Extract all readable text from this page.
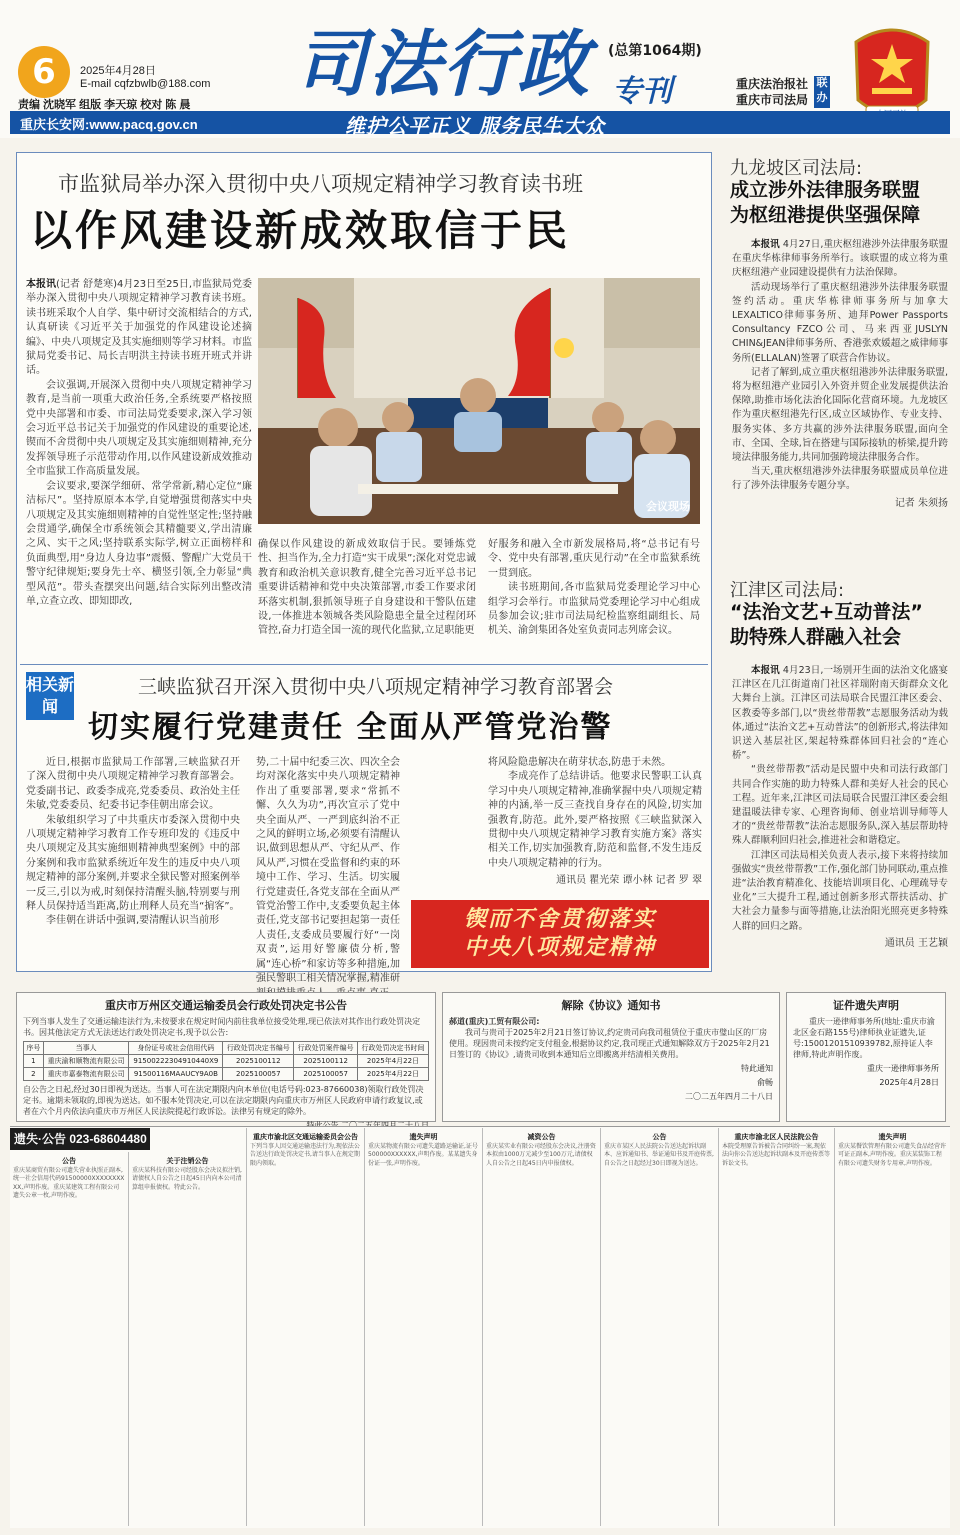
6	2025年4月28日
E-mail cqfzbwlb@188.com
责编 沈晓军 组版 李天琼 校对 陈 晨 司法行政 (总第1064期)
专刊	重庆法治报社
重庆市司法局
联办
重庆长安网:www.pacq.gov.cn	维护公平正义 服务民生大众
市监狱局举办深入贯彻中央八项规定精神学习教育读书班
以作风建设新成效取信于民

本报讯(记者 舒楚寒)4月23日至25日,市监狱局党委举办深入贯彻中央八项规定精神学习教育读书班。读书班采取个人自学、集中研讨交流相结合的方式,认真研读《习近平关于加强党的作风建设论述摘编》、中央八项规定及其实施细则等学习材料。市监狱局党委书记、局长吉明洪主持读书班开班式并讲话。

会议强调,开展深入贯彻中央八项规定精神学习教育,是当前一项重大政治任务,全系统要严格按照党中央部署和市委、市司法局党委要求,深入学习领会习近平总书记关于加强党的作风建设的重要论述,锲而不舍贯彻中央八项规定及其实施细则精神,充分发挥领导班子示范带动作用,以作风建设新成效推动全市监狱工作高质量发展。

会议要求,要深学细研、常学常新,精心定位“廉洁标尺”。坚持原原本本学,自觉增强贯彻落实中央八项规定及其实施细则精神的自觉性坚定性;坚持融会贯通学,确保全市系统领会其精髓要义,学出清廉之风、实干之风;坚持联系实际学,树立正面榜样和负面典型,用“身边人身边事”震慑、警醒广大党员干警守纪律规矩;要身先士卒、横竖引领,全力彰显“典型风范”。带头查摆突出问题,结合实际列出整改清单,立查立改、即知即改,

会议现场

确保以作风建设的新成效取信于民。要锤炼党性、担当作为,全力打造“实干成果”;深化对党忠诚教育和政治机关意识教育,健全完善习近平总书记重要讲话精神和党中央决策部署,市委工作要求闭环落实机制,狠抓领导班子自身建设和干警队伍建设,一体推进本领城各类风险隐患全量全过程闭环管控,奋力打造全国一流的现代化监狱,立足职能更

好服务和融入全市新发展格局,将“总书记有号令、党中央有部署,重庆见行动”在全市监狱系统一贯到底。

读书班期间,各市监狱局党委理论学习中心组学习会举行。市监狱局党委理论学习中心组成员参加会议;驻市司法局纪检监察组副组长、局机关、渝剑集团各处室负责同志列席会议。

相关新闻
三峡监狱召开深入贯彻中央八项规定精神学习教育部署会
切实履行党建责任 全面从严管党治警

近日,根据市监狱局工作部署,三峡监狱召开了深入贯彻中央八项规定精神学习教育部署会。党委副书记、政委李成亮,党委委员、政治处主任朱敏,党委委员、纪委书记李佳朝出席会议。

朱敏组织学习了中共重庆市委深入贯彻中央八项规定精神学习教育工作专班印发的《违反中央八项规定及其实施细则精神典型案例》中的部分案例和我市监狱系统近年发生的违反中央八项规定精神的部分案例,并要求全狱民警对照案例举一反三,引以为戒,时刻保持清醒头脑,特别要与刑释人员保持适当距离,防止刑释人员充当“掮客”。

李佳朝在讲话中强调,要清醒认识当前形

势,二十届中纪委三次、四次全会均对深化落实中央八项规定精神作出了重要部署,要求“常抓不懈、久久为功”,再次宣示了党中央全面从严、一严到底纠治不正之风的鲜明立场,必须要有清醒认识,做到思想从严、守纪从严、作风从严,习惯在受监督和约束的环境中工作、学习、生活。切实履行党建责任,各党支部在全面从严管党治警工作中,支委要负起主体责任,党支部书记要担起第一责任人责任,支委成员要履行好“一岗双责”,运用好警廉债分析,警属“连心桥”和家访等多种措施,加强民警职工相关情况掌握,精准研

将风险隐患解决在萌芽状态,防患于未然。

李成亮作了总结讲话。他要求民警职工认真学习中央八项规定精神,准确掌握中央八项规定精神的内涵,举一反三查找自身存在的风险,切实加强教育,防范。此外,要严格按照《三峡监狱深入贯彻中央八项规定精神学习教育实施方案》落实相关工作,切实加强教育,防范和监督,不发生违反中央八项规定精神的行为。

通讯员 瞿光荣 谭小林 记者 罗 翠

锲而不舍贯彻落实
中央八项规定精神
九龙坡区司法局:
成立涉外法律服务联盟
为枢纽港提供坚强保障

本报讯 4月27日,重庆枢纽港涉外法律服务联盟在重庆华栋律师事务所举行。该联盟的成立将为重庆枢纽港产业园建设提供有力法治保障。

活动现场举行了重庆枢纽港涉外法律服务联盟签约活动。重庆华栋律师事务所与加拿大LEXALTICO律师事务所、迪拜Power Passports Consultancy FZCO公司、马来西亚JUSLYN CHIN&JEAN律师事务所、香港张欢媛超之威律师事务所(ELLALAN)签署了联营合作协议。

记者了解到,成立重庆枢纽港涉外法律服务联盟,将为枢纽港产业园引入外资并贸企业发展提供法治保障,助推市场化法治化国际化营商环境。九龙坡区作为重庆枢纽港先行区,成立区域协作、专业支持、服务实体、多方共赢的涉外法律服务联盟,面向全市、全国、全球,旨在搭建与国际接轨的桥梁,提升跨境法律服务能力,共同加强跨境法律服务合作。

当天,重庆枢纽港涉外法律服务联盟成员单位进行了涉外法律服务专题分享。

记者 朱须扬

江津区司法局:
“法治文艺+互动普法”
助特殊人群融入社会

本报讯 4月23日,一场别开生面的法治文化盛宴江津区在几江街道南门社区祥瑞附南天街群众文化大舞台上演。江津区司法局联合民盟江津区委会、区教委等多部门,以“贵丝带帮教”志愿服务活动为载体,通过“法治文艺+互动普法”的创新形式,将法律知识送入基层社区,架起特殊群体回归社会的“连心桥”。

“贵丝带帮教”活动是民盟中央和司法行政部门共同合作实施的助力特殊人群和美好人社会的民心工程。近年来,江津区司法局联合民盟江津区委会组建温暖法律专家、心理咨询师、创业培训导师等人才的“贵丝带帮教”法治志愿服务队,深入基层帮助特殊人群顺利回归社会,推进社会和谐稳定。

江津区司法局相关负责人表示,接下来将持续加强做实“贵丝带帮教”工作,强化部门协同联动,重点推进“法治教育精准化、技能培训项目化、心理疏导专业化”三大提升工程,通过创新多形式帮扶活动、扩大社会力量参与面等措施,让法治阳光照亮更多特殊人群的回归之路。

通讯员 王艺颖

重庆市万州区交通运输委员会行政处罚决定书公告
下列当事人发生了交通运输违法行为,未按要求在规定时间内前往我单位接受处理,现已依法对其作出行政处罚决定书。因其他法定方式无法送达行政处罚决定书,现予以公告:
序号	当事人	身份证号或社会信用代码	行政处罚决定书编号	行政处罚案件编号	行政处罚决定书时间
1	重庆渝和顺物流有限公司	91500222304910440X9	2025100112	2025100112	2025年4月22日
2	重庆市嘉泰物流有限公司	91500116MAAUCY9A0B	2025100057	2025100057	2025年4月22日
自公告之日起,经过30日即视为送达。当事人可在法定期限内向本单位(电话号码:023-87660038)领取行政处罚决定书。逾期未领取的,即视为送达。如不服本处罚决定,可以在法定期限内向重庆市万州区人民政府申请行政复议,或者在六个月内依法向重庆市万州区人民法院提起行政诉讼。法律另有规定的除外。
解除《协议》通知书
郝道(重庆)工贸有限公司:
我司与贵司于2025年2月21日签订协议,约定贵司向我司租赁位于重庆市璧山区的厂房使用。现因贵司未按约定支付租金,根据协议约定,我司现正式通知解除双方于2025年2月21日签订的《协议》,请贵司收到本通知后立即搬离并结清相关费用。
特此通知
俞畅
二〇二五年四月二十八日
证件遗失声明
重庆一逊律师事务所(地址:重庆市渝北区金石路155号)律师执业证遗失,证号:15001201510939782,原持证人李律师,特此声明作废。
重庆一逊律师事务所
2025年4月28日
遗失·公告 023-68604480
公告
重庆某商贸有限公司遗失营业执照正副本,统一社会信用代码91500000XXXXXXXXXX,声明作废。重庆某建筑工程有限公司遗失公章一枚,声明作废。
关于注销公告
重庆某科技有限公司经股东会决议拟注销,请债权人自公告之日起45日内向本公司清算组申报债权。特此公告。
重庆市渝北区交通运输委员会公告
下列当事人因交通运输违法行为,现依法公告送达行政处罚决定书,请当事人在规定期限内领取。
遗失声明
重庆某物流有限公司遗失道路运输证,证号500000XXXXXX,声明作废。某某遗失身份证一张,声明作废。
减资公告
重庆某实业有限公司经股东会决议,注册资本拟由1000万元减少至100万元,请债权人自公告之日起45日内申报债权。
公告
重庆市某区人民法院公告送达起诉状副本、应诉通知书、举证通知书及开庭传票,自公告之日起经过30日即视为送达。
重庆市渝北区人民法院公告
本院受理原告诉被告合同纠纷一案,现依法向你公告送达起诉状副本及开庭传票等诉讼文书。
遗失声明
重庆某餐饮管理有限公司遗失食品经营许可证正副本,声明作废。重庆某装饰工程有限公司遗失财务专用章,声明作废。
